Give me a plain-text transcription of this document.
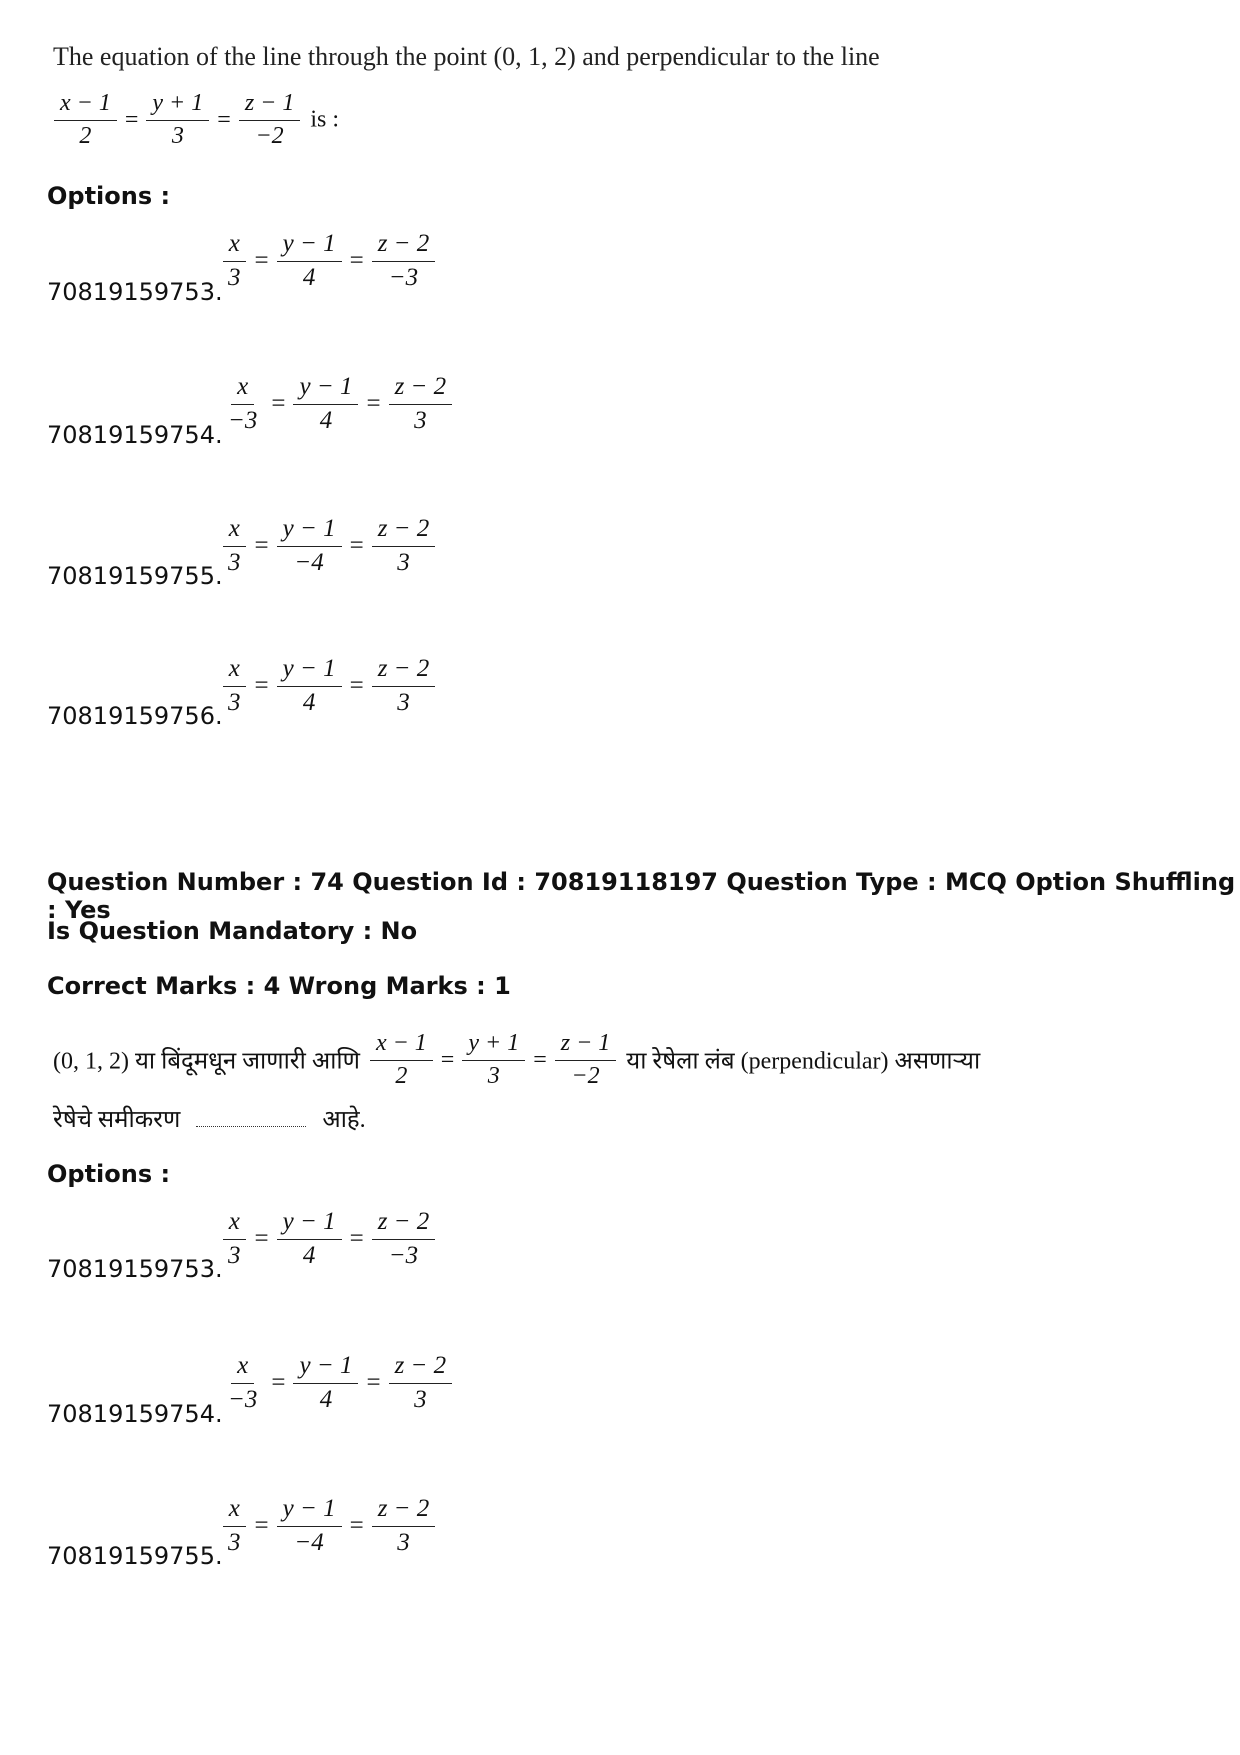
The equation of the line through the point (0, 1, 2) and perpendicular to the line
$\frac{x - 1}{2} = \frac{y + 1}{3} = \frac{z - 1}{-2}$ is :
Options :
70819159753. $\frac{x}{3} = \frac{y - 1}{4} = \frac{z - 2}{-3}$
70819159754. $\frac{x}{-3} = \frac{y - 1}{4} = \frac{z - 2}{3}$
70819159755. $\frac{x}{3} = \frac{y - 1}{-4} = \frac{z - 2}{3}$
70819159756. $\frac{x}{3} = \frac{y - 1}{4} = \frac{z - 2}{3}$
Question Number : 74 Question Id : 70819118197 Question Type : MCQ Option Shuffling : Yes
Is Question Mandatory : No
Correct Marks : 4 Wrong Marks : 1
(0, 1, 2) या बिंदूमधून जाणारी आणि $\frac{x - 1}{2} = \frac{y + 1}{3} = \frac{z - 1}{-2}$ या रेषेला लंब (perpendicular) असणाऱ्या
रेषेचे समीकरण	आहे.
Options :
70819159753. $\frac{x}{3} = \frac{y - 1}{4} = \frac{z - 2}{-3}$
70819159754. $\frac{x}{-3} = \frac{y - 1}{4} = \frac{z - 2}{3}$
70819159755. $\frac{x}{3} = \frac{y - 1}{-4} = \frac{z - 2}{3}$
